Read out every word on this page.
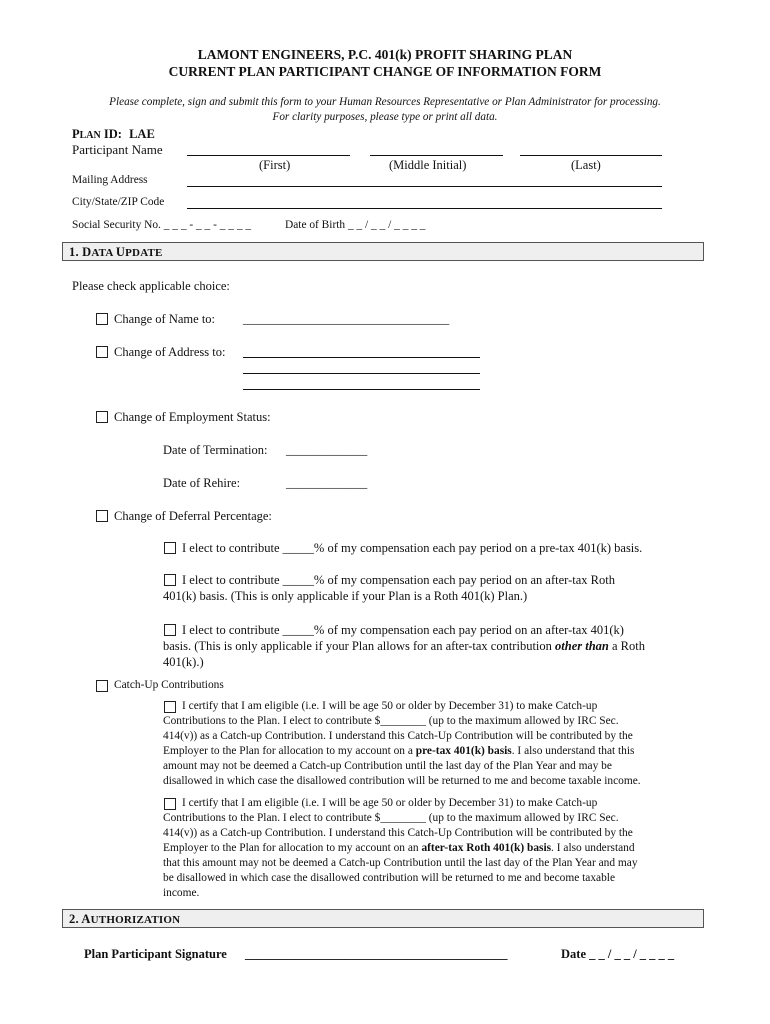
LAMONT ENGINEERS, P.C. 401(k) PROFIT SHARING PLAN
CURRENT PLAN PARTICIPANT CHANGE OF INFORMATION FORM
Please complete, sign and submit this form to your Human Resources Representative or Plan Administrator for processing.
For clarity purposes, please type or print all data.
PLAN ID: LAE
Participant Name
(First)	(Middle Initial)	(Last)
Mailing Address
City/State/ZIP Code
Social Security No. _ _ _ - _ _ - _ _ _ _	Date of Birth _ _ / _ _ / _ _ _ _
1. DATA UPDATE
Please check applicable choice:
Change of Name to: _________________________________
Change of Address to:
Change of Employment Status:
Date of Termination: _____________
Date of Rehire:	_____________
Change of Deferral Percentage:
I elect to contribute _____% of my compensation each pay period on a pre-tax 401(k) basis.
I elect to contribute _____% of my compensation each pay period on an after-tax Roth
401(k) basis. (This is only applicable if your Plan is a Roth 401(k) Plan.)
I elect to contribute _____% of my compensation each pay period on an after-tax 401(k)
basis. (This is only applicable if your Plan allows for an after-tax contribution other than a Roth
401(k).)
Catch-Up Contributions
I certify that I am eligible (i.e. I will be age 50 or older by December 31) to make Catch-up
Contributions to the Plan. I elect to contribute $________ (up to the maximum allowed by IRC Sec.
414(v)) as a Catch-up Contribution. I understand this Catch-Up Contribution will be contributed by the
Employer to the Plan for allocation to my account on a pre-tax 401(k) basis. I also understand that this
amount may not be deemed a Catch-up Contribution until the last day of the Plan Year and may be
disallowed in which case the disallowed contribution will be returned to me and become taxable income.
I certify that I am eligible (i.e. I will be age 50 or older by December 31) to make Catch-up
Contributions to the Plan. I elect to contribute $________ (up to the maximum allowed by IRC Sec.
414(v)) as a Catch-up Contribution. I understand this Catch-Up Contribution will be contributed by the
Employer to the Plan for allocation to my account on an after-tax Roth 401(k) basis. I also understand
that this amount may not be deemed a Catch-up Contribution until the last day of the Plan Year and may
be disallowed in which case the disallowed contribution will be returned to me and become taxable
income.
2. AUTHORIZATION
Plan Participant Signature __________________________________________	Date _ _ / _ _ / _ _ _ _
